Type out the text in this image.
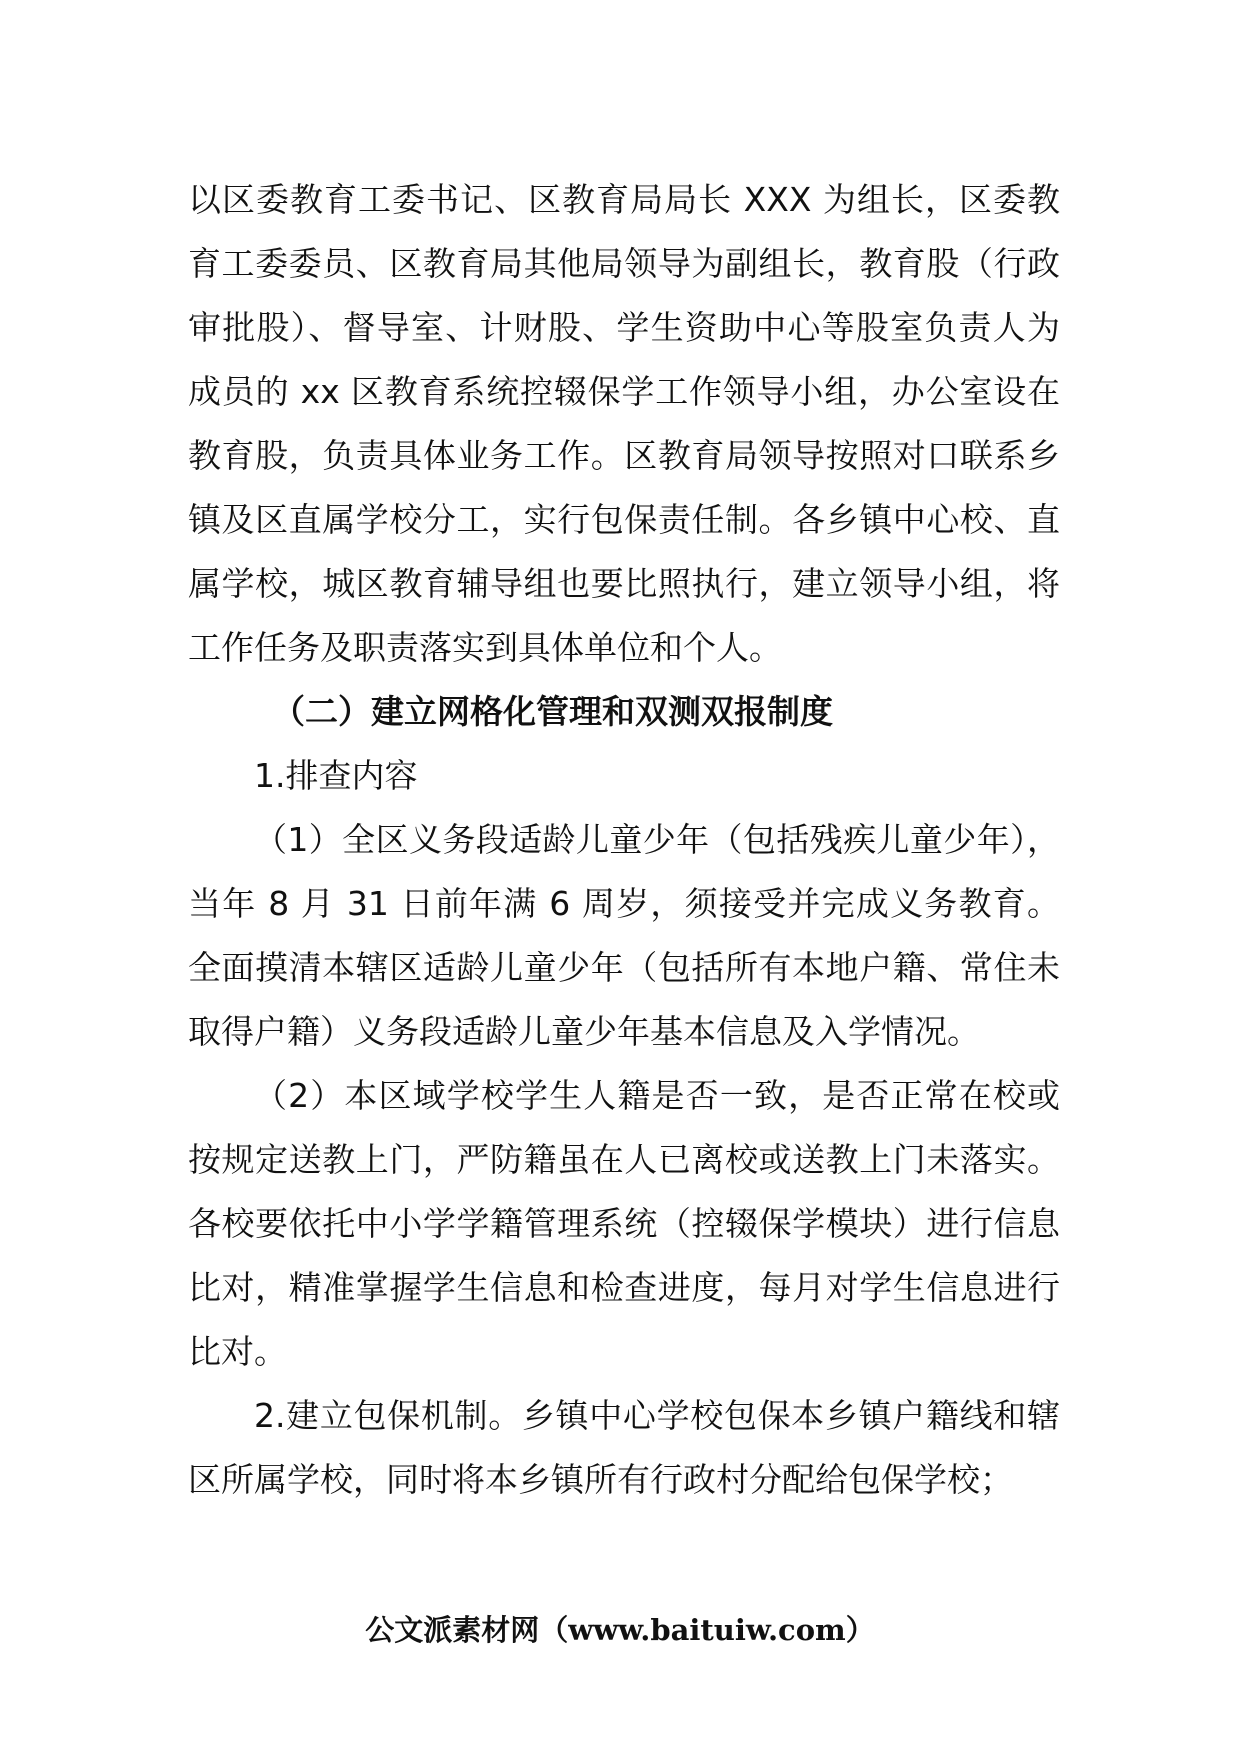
以区委教育工委书记、区教育局局长 XXX 为组长，区委教育工委委员、区教育局其他局领导为副组长，教育股（行政审批股）、督导室、计财股、学生资助中心等股室负责人为成员的 xx 区教育系统控辍保学工作领导小组，办公室设在教育股，负责具体业务工作。区教育局领导按照对口联系乡镇及区直属学校分工，实行包保责任制。各乡镇中心校、直属学校，城区教育辅导组也要比照执行，建立领导小组，将工作任务及职责落实到具体单位和个人。

（二）建立网格化管理和双测双报制度

1.排查内容

（1）全区义务段适龄儿童少年（包括残疾儿童少年），当年 8 月 31 日前年满 6 周岁，须接受并完成义务教育。全面摸清本辖区适龄儿童少年（包括所有本地户籍、常住未取得户籍）义务段适龄儿童少年基本信息及入学情况。

（2）本区域学校学生人籍是否一致，是否正常在校或按规定送教上门，严防籍虽在人已离校或送教上门未落实。各校要依托中小学学籍管理系统（控辍保学模块）进行信息比对，精准掌握学生信息和检查进度，每月对学生信息进行比对。

2.建立包保机制。乡镇中心学校包保本乡镇户籍线和辖区所属学校，同时将本乡镇所有行政村分配给包保学校；

公文派素材网（www.baituiw.com）
